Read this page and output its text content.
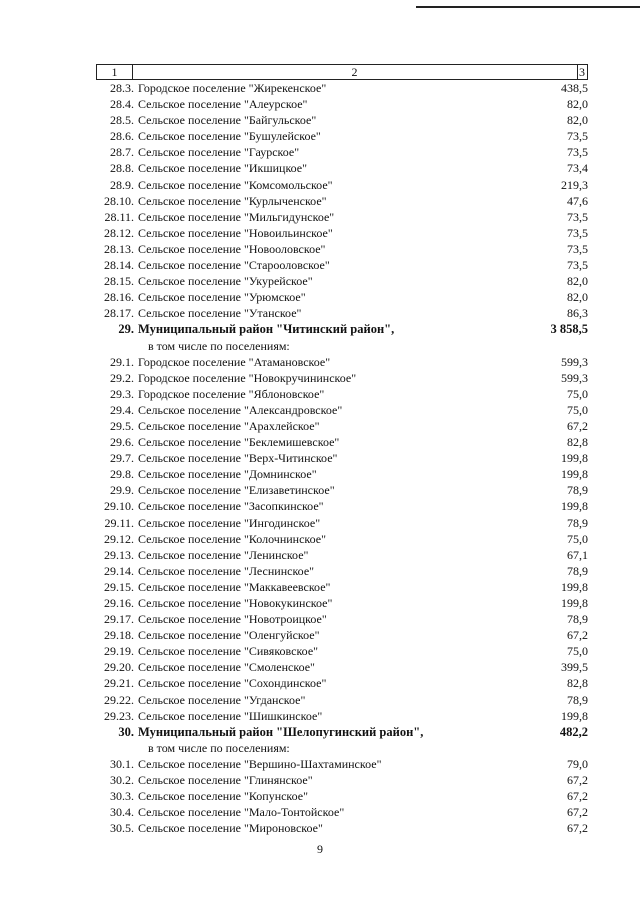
1	2	3
28.3. Городское поселение "Жирекенское"	438,5
28.4. Сельское поселение "Алеурское"	82,0
28.5. Сельское поселение "Байгульское"	82,0
28.6. Сельское поселение "Бушулейское"	73,5
28.7. Сельское поселение "Гаурское"	73,5
28.8. Сельское поселение "Икшицкое"	73,4
28.9. Сельское поселение "Комсомольское"	219,3
28.10. Сельское поселение "Курлыченское"	47,6
28.11. Сельское поселение "Мильгидунское"	73,5
28.12. Сельское поселение "Новоильинское"	73,5
28.13. Сельское поселение "Новооловское"	73,5
28.14. Сельское поселение "Старооловское"	73,5
28.15. Сельское поселение "Укурейское"	82,0
28.16. Сельское поселение "Урюмское"	82,0
28.17. Сельское поселение "Утанское"	86,3
29. Муниципальный район "Читинский район",	3 858,5
в том числе по поселениям:
29.1. Городское поселение "Атамановское"	599,3
29.2. Городское поселение "Новокручининское"	599,3
29.3. Городское поселение "Яблоновское"	75,0
29.4. Сельское поселение "Александровское"	75,0
29.5. Сельское поселение "Арахлейское"	67,2
29.6. Сельское поселение "Беклемишевское"	82,8
29.7. Сельское поселение "Верх-Читинское"	199,8
29.8. Сельское поселение "Домнинское"	199,8
29.9. Сельское поселение "Елизаветинское"	78,9
29.10. Сельское поселение "Засопкинское"	199,8
29.11. Сельское поселение "Ингодинское"	78,9
29.12. Сельское поселение "Колочнинское"	75,0
29.13. Сельское поселение "Ленинское"	67,1
29.14. Сельское поселение "Леснинское"	78,9
29.15. Сельское поселение "Маккавеевское"	199,8
29.16. Сельское поселение "Новокукинское"	199,8
29.17. Сельское поселение "Новотроицкое"	78,9
29.18. Сельское поселение "Оленгуйское"	67,2
29.19. Сельское поселение "Сивяковское"	75,0
29.20. Сельское поселение "Смоленское"	399,5
29.21. Сельское поселение "Сохондинское"	82,8
29.22. Сельское поселение "Угданское"	78,9
29.23. Сельское поселение "Шишкинское"	199,8
30. Муниципальный район "Шелопугинский район",	482,2
в том числе по поселениям:
30.1. Сельское поселение "Вершино-Шахтаминское"	79,0
30.2. Сельское поселение "Глинянское"	67,2
30.3. Сельское поселение "Копунское"	67,2
30.4. Сельское поселение "Мало-Тонтойское"	67,2
30.5. Сельское поселение "Мироновское"	67,2
9
